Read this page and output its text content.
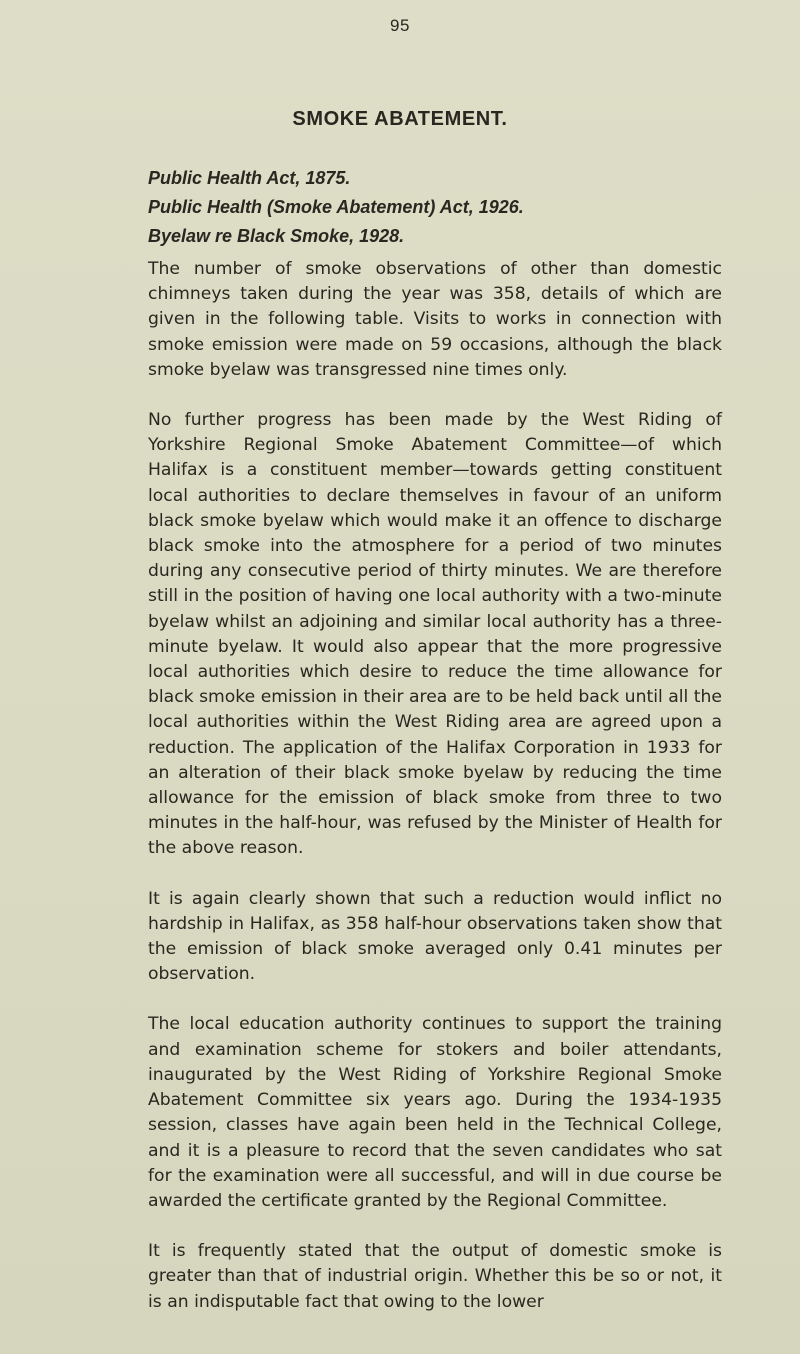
95
SMOKE ABATEMENT.
Public Health Act, 1875.
Public Health (Smoke Abatement) Act, 1926.
Byelaw re Black Smoke, 1928.

The number of smoke observations of other than domestic chimneys taken during the year was 358, details of which are given in the following table. Visits to works in connection with smoke emission were made on 59 occasions, although the black smoke byelaw was transgressed nine times only.

No further progress has been made by the West Riding of Yorkshire Regional Smoke Abatement Committee—of which Halifax is a constituent member—towards getting constituent local authorities to declare themselves in favour of an uniform black smoke byelaw which would make it an offence to discharge black smoke into the atmosphere for a period of two minutes during any consecutive period of thirty minutes. We are therefore still in the position of having one local authority with a two-minute byelaw whilst an adjoining and similar local authority has a three-minute byelaw. It would also appear that the more progressive local authorities which desire to reduce the time allowance for black smoke emission in their area are to be held back until all the local authorities within the West Riding area are agreed upon a reduction. The application of the Halifax Corporation in 1933 for an alteration of their black smoke byelaw by reducing the time allowance for the emission of black smoke from three to two minutes in the half-hour, was refused by the Minister of Health for the above reason.

It is again clearly shown that such a reduction would inflict no hardship in Halifax, as 358 half-hour observations taken show that the emission of black smoke averaged only 0.41 minutes per observation.

The local education authority continues to support the training and examination scheme for stokers and boiler attendants, inaugurated by the West Riding of Yorkshire Regional Smoke Abatement Committee six years ago. During the 1934-1935 session, classes have again been held in the Technical College, and it is a pleasure to record that the seven candidates who sat for the examination were all successful, and will in due course be awarded the certificate granted by the Regional Committee.

It is frequently stated that the output of domestic smoke is greater than that of industrial origin. Whether this be so or not, it is an indisputable fact that owing to the lower
